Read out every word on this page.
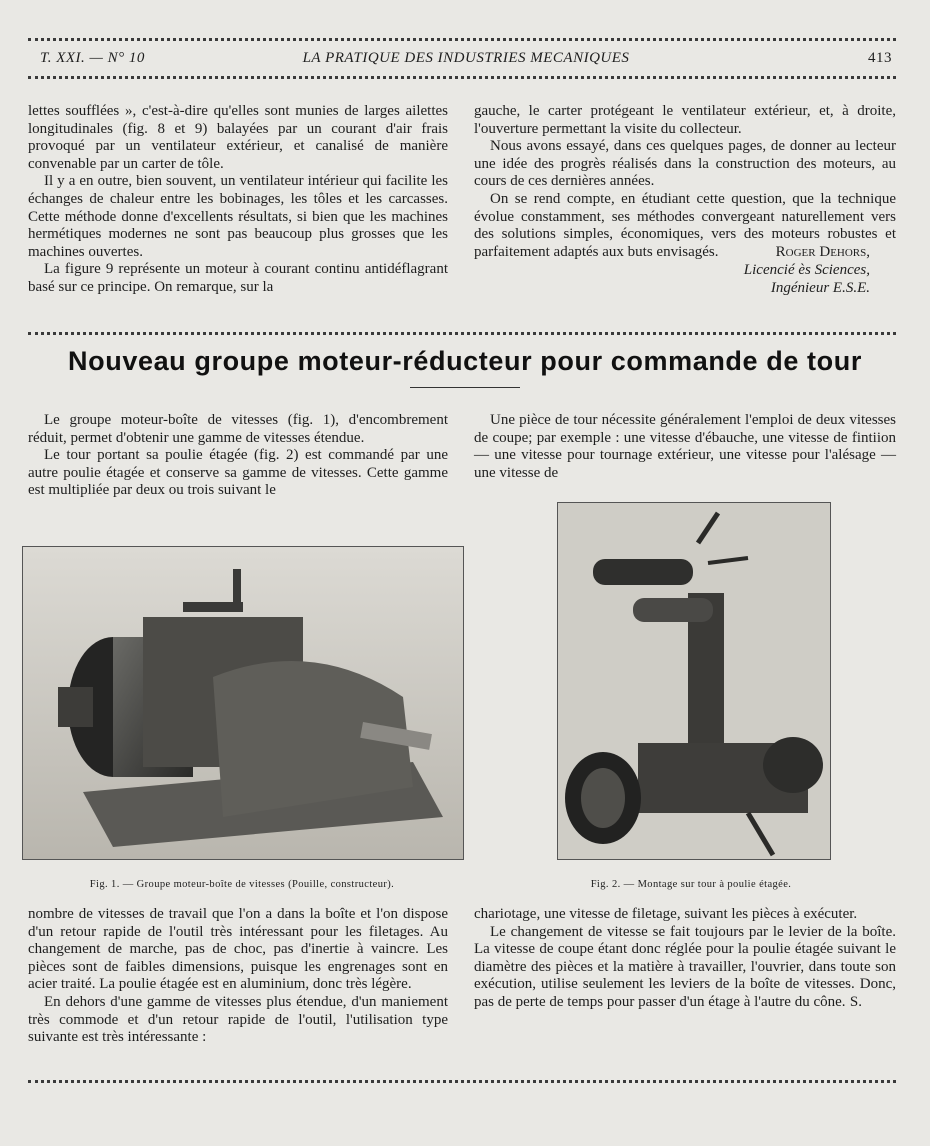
T. XXI. — N° 10	LA PRATIQUE DES INDUSTRIES MECANIQUES	413

lettes soufflées », c'est-à-dire qu'elles sont munies de larges ailettes longitudinales (fig. 8 et 9) balayées par un courant d'air frais provoqué par un ventilateur extérieur, et canalisé de manière convenable par un carter de tôle.

Il y a en outre, bien souvent, un ventilateur intérieur qui facilite les échanges de chaleur entre les bobinages, les tôles et les carcasses. Cette méthode donne d'excellents résultats, si bien que les machines hermétiques modernes ne sont pas beaucoup plus grosses que les machines ouvertes.

La figure 9 représente un moteur à courant continu antidéflagrant basé sur ce principe. On remarque, sur la

gauche, le carter protégeant le ventilateur extérieur, et, à droite, l'ouverture permettant la visite du collecteur.

Nous avons essayé, dans ces quelques pages, de donner au lecteur une idée des progrès réalisés dans la construction des moteurs, au cours de ces dernières années.

On se rend compte, en étudiant cette question, que la technique évolue constamment, ses méthodes convergeant naturellement vers des solutions simples, économiques, vers des moteurs robustes et parfaitement adaptés aux buts envisagés.	Roger Dehors,
Licencié ès Sciences,
Ingénieur E.S.E.
Nouveau groupe moteur-réducteur pour commande de tour

Le groupe moteur-boîte de vitesses (fig. 1), d'encombrement réduit, permet d'obtenir une gamme de vitesses étendue.

Le tour portant sa poulie étagée (fig. 2) est commandé par une autre poulie étagée et conserve sa gamme de vitesses. Cette gamme est multipliée par deux ou trois suivant le

Une pièce de tour nécessite généralement l'emploi de deux vitesses de coupe; par exemple : une vitesse d'ébauche, une vitesse de fintiion — une vitesse pour tournage extérieur, une vitesse pour l'alésage — une vitesse de

Fig. 1. — Groupe moteur-boîte de vitesses (Pouille, constructeur).	Fig. 2. — Montage sur tour à poulie étagée.

nombre de vitesses de travail que l'on a dans la boîte et l'on dispose d'un retour rapide de l'outil très intéressant pour les filetages. Au changement de marche, pas de choc, pas d'inertie à vaincre. Les pièces sont de faibles dimensions, puisque les engrenages sont en acier traité. La poulie étagée est en aluminium, donc très légère.

En dehors d'une gamme de vitesses plus étendue, d'un maniement très commode et d'un retour rapide de l'outil, l'utilisation type suivante est très intéressante :

chariotage, une vitesse de filetage, suivant les pièces à exécuter.

Le changement de vitesse se fait toujours par le levier de la boîte. La vitesse de coupe étant donc réglée pour la poulie étagée suivant le diamètre des pièces et la matière à travailler, l'ouvrier, dans toute son exécution, utilise seulement les leviers de la boîte de vitesses. Donc, pas de perte de temps pour passer d'un étage à l'autre du cône. S.
